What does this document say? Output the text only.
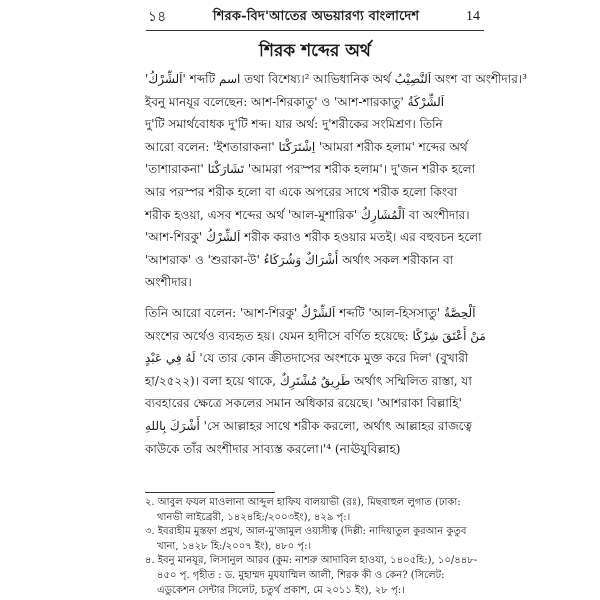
১৪	শিরক-বিদ'আতের অভয়ারণ্য বাংলাদেশ	14
শিরক শব্দের অর্থ
'اَلشِّرْكُ' শব্দটি اسم তথা বিশেষ্য।² আভিধানিক অর্থ اَلنَّصِيْبُ অংশ বা অংশীদার।³
ইবনু মানযূর বলেছেন: আশ-শিরকাতু' ও 'আশ-শারকাতু' اَلشِّرْكَةُ
দু'টি সমার্থবোধক দু'টি শব্দ। যার অর্থ: দু'শরীকের সংমিশ্রণ। তিনি
আরো বলেন: 'ইশতারাকনা' اِشْتَرَكْنَا 'আমরা শরীক হলাম' শব্দের অর্থ
'তাশারাকনা' تَشَارَكْنَا 'আমরা পরস্পর শরীক হলাম'। দু'জন শরীক হলো
আর পরস্পর শরীক হলো বা একে অপরের সাথে শরীক হলো কিংবা
শরীক হওয়া, এসব শব্দের অর্থ 'আল-মুশারিক' اَلْمُشَارِكُ বা অংশীদার।
'আশ-শিরকু' اَلشِّرْكُ শরীক করাও শরীক হওয়ার মতই। এর বহুবচন হলো
'আশরাক' ও 'শুরাকা-উ' أَشْرَاكٌ وَشُرَكَاءُ অর্থাৎ সকল শরীকান বা
অংশীদার।
তিনি আরো বলেন: 'আশ-শিরকু' اَلشِّرْكُ শব্দটি 'আল-হিসসাতু' اَلْحِصَّةُ
অংশের অর্থেও ব্যবহৃত হয়। যেমন হাদীসে বর্ণিত হয়েছে: مَنْ أَعْتَقَ شِرْكًا
لَهُ فِي عَبْدٍ 'যে তার কোন ক্রীতদাসের অংশকে মুক্ত করে দিল' (বুখারী
হা/২৫২২)। বলা হয়ে থাকে, طَرِيقٌ مُشْتَرِكٌ অর্থাৎ সম্মিলিত রাস্তা, যা
ব্যবহারের ক্ষেত্রে সকলের সমান অধিকার রয়েছে। 'আশরাকা বিল্লাহি'
أَشْرَكَ بِاللهِ 'সে আল্লাহর সাথে শরীক করলো, অর্থাৎ আল্লাহর রাজত্বে
কাউকে তাঁর অংশীদার সাব্যস্ত করলো।'⁴ (নাঊযুবিল্লাহ)
২. আবুল ফযল মাওলানা আব্দুল হাফিয বালয়াভী (রঃ), মিছবাহুল লুগাত (ঢাকা:
থানভী লাইব্রেরী, ১৪২৪হি:/২০০৩ইং), ৪২৯ পৃ:।
৩. ইবরাহীম মুস্তফা প্রমুখ, আল-মু'জামুল ওয়াসীত্ব (দিল্লী: নাদিয়াতুল কুরআন কুতুব
খানা, ১৪২৮ হি:/২০০৭ ইং), ৪৮০ পৃ:।
৪. ইবনু মানযূর, লিসানুল আরব (কুম: নাশরু আদাবিল হাওযা, ১৪০৫হি:), ১০/৪৪৮-
৪৫০ পৃ. গৃহীত : ড. মুহাম্মদ মুযযাম্মিল আলী, শিরক কী ও কেন? (সিলেট:
এডুকেশন সেন্টার সিলেট, চতুর্থ প্রকাশ, মে ২০১১ ইং), ২৮ পৃ:।
